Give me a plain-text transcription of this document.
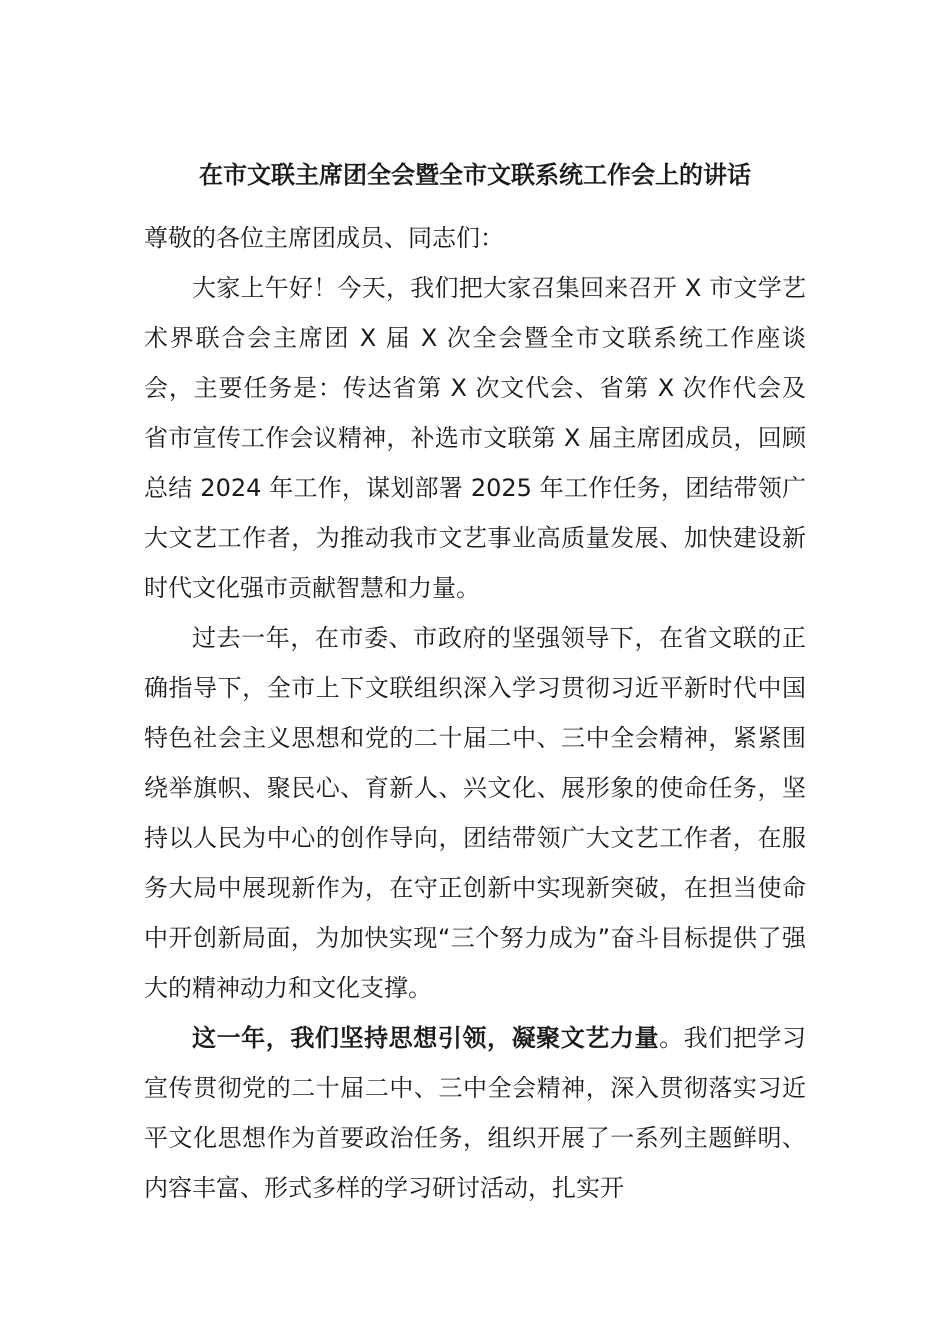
在市文联主席团全会暨全市文联系统工作会上的讲话

尊敬的各位主席团成员、同志们：

大家上午好！今天，我们把大家召集回来召开 X 市文学艺术界联合会主席团 X 届 X 次全会暨全市文联系统工作座谈会，主要任务是：传达省第 X 次文代会、省第 X 次作代会及省市宣传工作会议精神，补选市文联第 X 届主席团成员，回顾总结 2024 年工作，谋划部署 2025 年工作任务，团结带领广大文艺工作者，为推动我市文艺事业高质量发展、加快建设新时代文化强市贡献智慧和力量。

过去一年，在市委、市政府的坚强领导下，在省文联的正确指导下，全市上下文联组织深入学习贯彻习近平新时代中国特色社会主义思想和党的二十届二中、三中全会精神，紧紧围绕举旗帜、聚民心、育新人、兴文化、展形象的使命任务，坚持以人民为中心的创作导向，团结带领广大文艺工作者，在服务大局中展现新作为，在守正创新中实现新突破，在担当使命中开创新局面，为加快实现“三个努力成为”奋斗目标提供了强大的精神动力和文化支撑。

这一年，我们坚持思想引领，凝聚文艺力量。我们把学习宣传贯彻党的二十届二中、三中全会精神，深入贯彻落实习近平文化思想作为首要政治任务，组织开展了一系列主题鲜明、内容丰富、形式多样的学习研讨活动，扎实开
